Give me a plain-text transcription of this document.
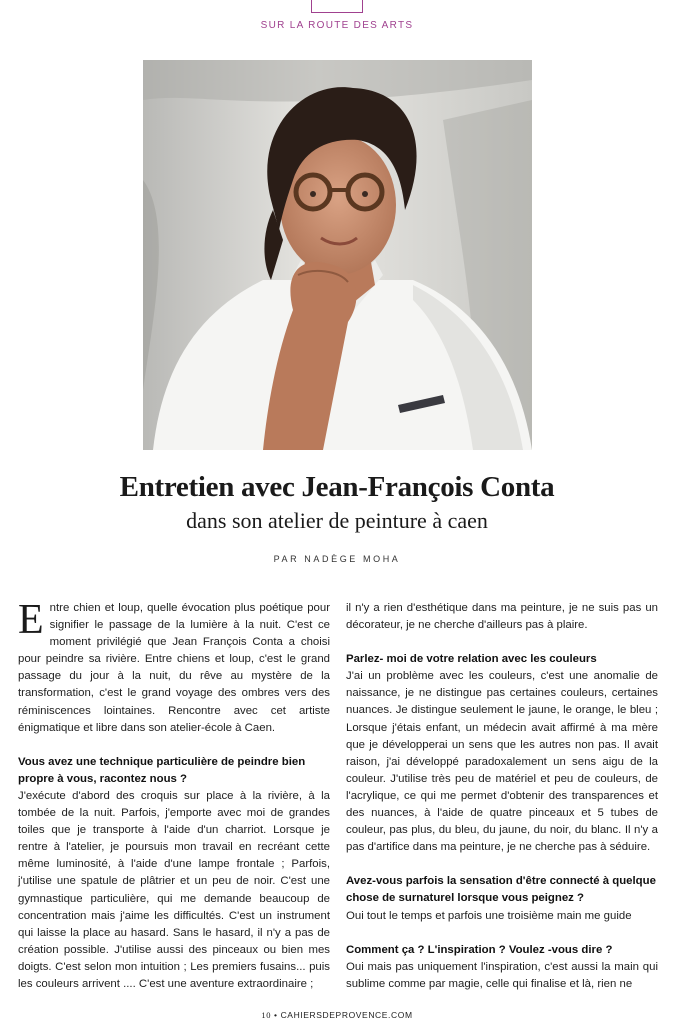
SUR LA ROUTE DES ARTS
Entretien avec Jean-François Conta
dans son atelier de peinture à caen
PAR NADÈGE MOHA

Entre chien et loup, quelle évocation plus poétique pour signifier le passage de la lumière à la nuit. C'est ce moment privilégié que Jean François Conta a choisi pour peindre sa rivière. Entre chiens et loup, c'est le grand passage du jour à la nuit, du rêve au mystère de la transformation, c'est le grand voyage des ombres vers des réminiscences lointaines. Rencontre avec cet artiste énigmatique et libre dans son atelier-école à Caen.

Vous avez une technique particulière de peindre bien propre à vous, racontez nous ?

J'exécute d'abord des croquis sur place à la rivière, à la tombée de la nuit. Parfois, j'emporte avec moi de grandes toiles que je transporte à l'aide d'un charriot. Lorsque je rentre à l'atelier, je poursuis mon travail en recréant cette même luminosité, à l'aide d'une lampe frontale ; Parfois, j'utilise une spatule de plâtrier et un peu de noir. C'est une gymnastique particulière, qui me demande beaucoup de concentration mais j'aime les difficultés. C'est un instrument qui laisse la place au hasard. Sans le hasard, il n'y a pas de création possible. J'utilise aussi des pinceaux ou bien mes doigts. C'est selon mon intuition ; Les premiers fusains... puis les couleurs arrivent .... C'est une aventure extraordinaire ;

il n'y a rien d'esthétique dans ma peinture, je ne suis pas un décorateur, je ne cherche d'ailleurs pas à plaire.

Parlez- moi de votre relation avec les couleurs

J'ai un problème avec les couleurs, c'est une anomalie de naissance, je ne distingue pas certaines couleurs, certaines nuances. Je distingue seulement le jaune, le orange, le bleu ; Lorsque j'étais enfant, un médecin avait affirmé à ma mère que je développerai un sens que les autres non pas. Il avait raison, j'ai développé paradoxalement un sens aigu de la couleur. J'utilise très peu de matériel et peu de couleurs, de l'acrylique, ce qui me permet d'obtenir des transparences et des nuances, à l'aide de quatre pinceaux et 5 tubes de couleur, pas plus, du bleu, du jaune, du noir, du blanc. Il n'y a pas d'artifice dans ma peinture, je ne cherche pas à séduire.

Avez-vous parfois la sensation d'être connecté à quelque chose de surnaturel lorsque vous peignez ?

Oui tout le temps et parfois une troisième main me guide

Comment ça ? L'inspiration ? Voulez -vous dire ?

Oui mais pas uniquement l'inspiration, c'est aussi la main qui sublime comme par magie, celle qui finalise et là, rien ne

10 • CAHIERSDEPROVENCE.COM
